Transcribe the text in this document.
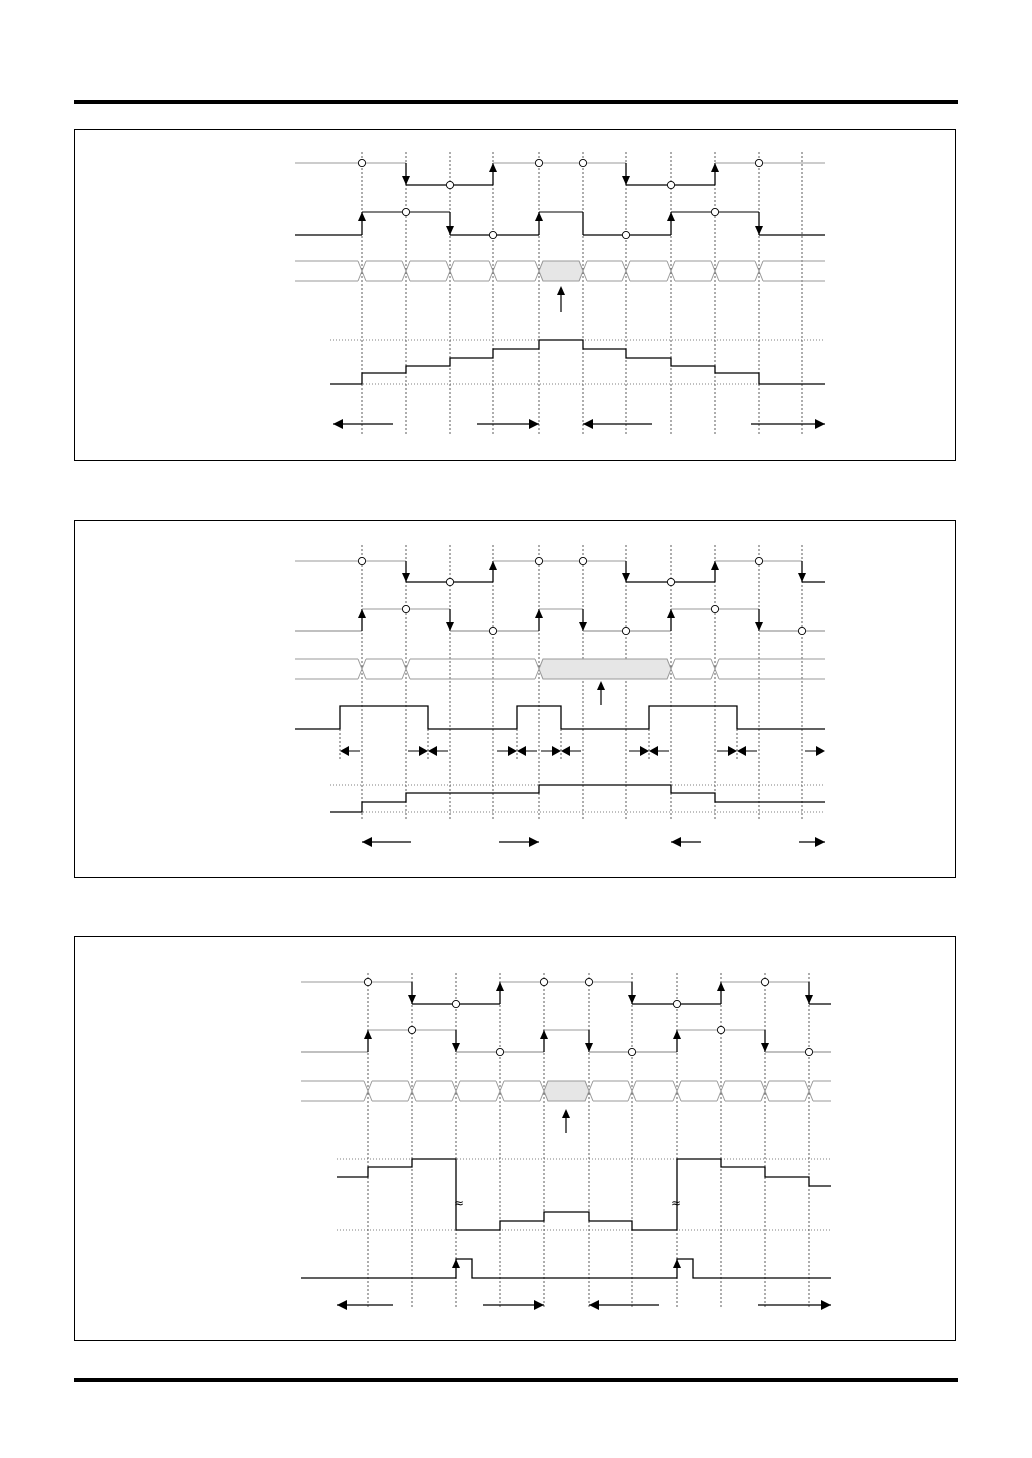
≈	≈
